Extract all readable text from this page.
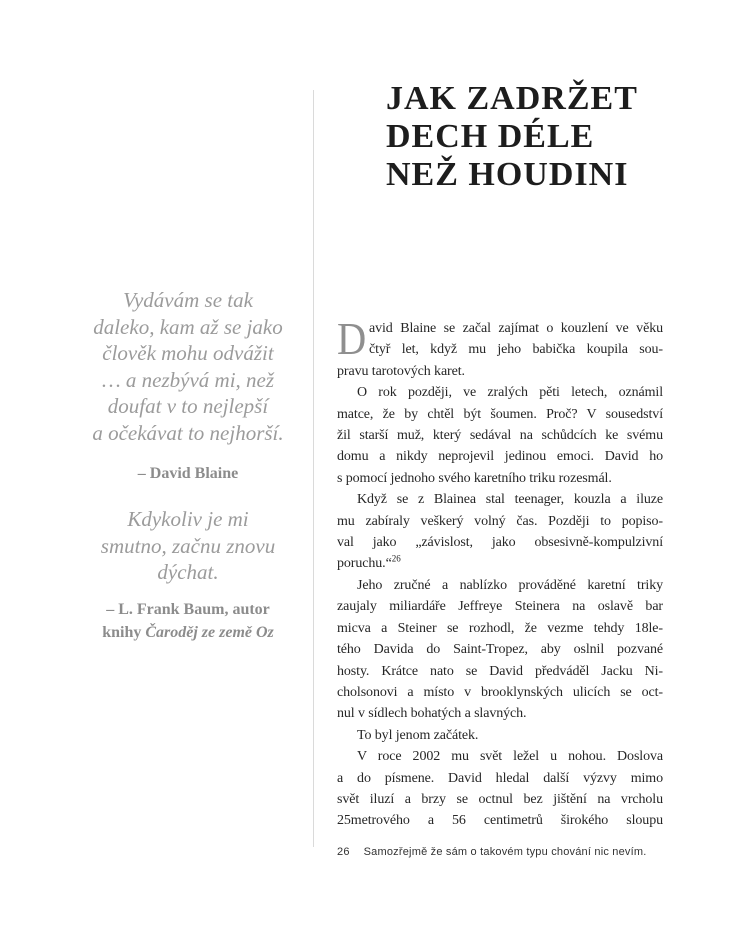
JAK ZADRŽET
DECH DÉLE
NEŽ HOUDINI
Vydávám se tak
daleko, kam až se jako
člověk mohu odvážit
… a nezbývá mi, než
doufat v to nejlepší
a očekávat to nejhorší.
– David Blaine
Kdykoliv je mi
smutno, začnu znovu
dýchat.
– L. Frank Baum, autor
knihy Čaroděj ze země Oz
D avid Blaine se začal zajímat o kouzlení ve věku
čtyř let, když mu jeho babička koupila sou-
pravu tarotových karet.
O rok později, ve zralých pěti letech, oznámil
matce, že by chtěl být šoumen. Proč? V sousedství
žil starší muž, který sedával na schůdcích ke svému
domu a nikdy neprojevil jedinou emoci. David ho
s pomocí jednoho svého karetního triku rozesmál.
Když se z Blainea stal teenager, kouzla a iluze
mu zabíraly veškerý volný čas. Později to popiso-
val jako „závislost, jako obsesivně-kompulzivní
poruchu.“$^{26}$
Jeho zručné a nablízko prováděné karetní triky
zaujaly miliardáře Jeffreye Steinera na oslavě bar
micva a Steiner se rozhodl, že vezme tehdy 18le-
tého Davida do Saint-Tropez, aby oslnil pozvané
hosty. Krátce nato se David předváděl Jacku Ni-
cholsonovi a místo v brooklynských ulicích se oct-
nul v sídlech bohatých a slavných.
To byl jenom začátek.
V roce 2002 mu svět ležel u nohou. Doslova
a do písmene. David hledal další výzvy mimo
svět iluzí a brzy se octnul bez jištění na vrcholu
25metrového a 56 centimetrů širokého sloupu
26 Samozřejmě že sám o takovém typu chování nic nevím.
